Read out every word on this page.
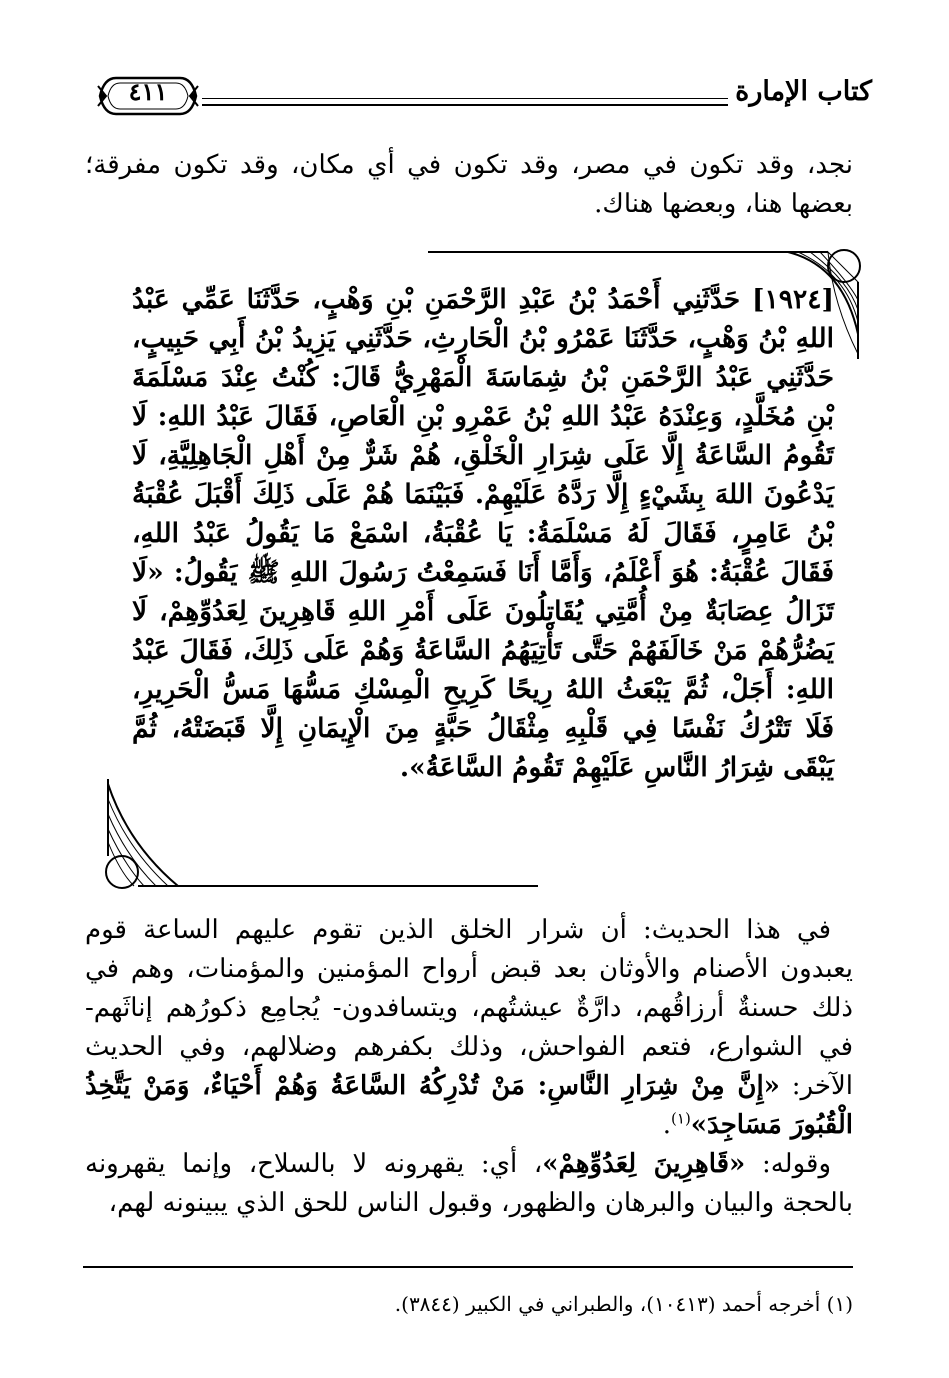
كتاب الإمارة
٤١١

نجد، وقد تكون في مصر، وقد تكون في أي مكان، وقد تكون مفرقة؛ بعضها هنا، وبعضها هناك.

[١٩٢٤] حَدَّثَنِي أَحْمَدُ بْنُ عَبْدِ الرَّحْمَنِ بْنِ وَهْبٍ، حَدَّثَنَا عَمِّي عَبْدُ اللهِ بْنُ وَهْبٍ، حَدَّثَنَا عَمْرُو بْنُ الْحَارِثِ، حَدَّثَنِي يَزِيدُ بْنُ أَبِي حَبِيبٍ، حَدَّثَنِي عَبْدُ الرَّحْمَنِ بْنُ شِمَاسَةَ الْمَهْرِيُّ قَالَ: كُنْتُ عِنْدَ مَسْلَمَةَ بْنِ مُخَلَّدٍ، وَعِنْدَهُ عَبْدُ اللهِ بْنُ عَمْرِو بْنِ الْعَاصِ، فَقَالَ عَبْدُ اللهِ: لَا تَقُومُ السَّاعَةُ إِلَّا عَلَى شِرَارِ الْخَلْقِ، هُمْ شَرٌّ مِنْ أَهْلِ الْجَاهِلِيَّةِ، لَا يَدْعُونَ اللهَ بِشَيْءٍ إِلَّا رَدَّهُ عَلَيْهِمْ. فَبَيْنَمَا هُمْ عَلَى ذَلِكَ أَقْبَلَ عُقْبَةُ بْنُ عَامِرٍ، فَقَالَ لَهُ مَسْلَمَةُ: يَا عُقْبَةُ، اسْمَعْ مَا يَقُولُ عَبْدُ اللهِ، فَقَالَ عُقْبَةُ: هُوَ أَعْلَمُ، وَأَمَّا أَنَا فَسَمِعْتُ رَسُولَ اللهِ ﷺ يَقُولُ: «لَا تَزَالُ عِصَابَةٌ مِنْ أُمَّتِي يُقَاتِلُونَ عَلَى أَمْرِ اللهِ قَاهِرِينَ لِعَدُوِّهِمْ، لَا يَضُرُّهُمْ مَنْ خَالَفَهُمْ حَتَّى تَأْتِيَهُمُ السَّاعَةُ وَهُمْ عَلَى ذَلِكَ، فَقَالَ عَبْدُ اللهِ: أَجَلْ، ثُمَّ يَبْعَثُ اللهُ رِيحًا كَرِيحِ الْمِسْكِ مَسُّهَا مَسُّ الْحَرِيرِ، فَلَا تَتْرُكُ نَفْسًا فِي قَلْبِهِ مِثْقَالُ حَبَّةٍ مِنَ الْإِيمَانِ إِلَّا قَبَضَتْهُ، ثُمَّ يَبْقَى شِرَارُ النَّاسِ عَلَيْهِمْ تَقُومُ السَّاعَةُ».

في هذا الحديث: أن شرار الخلق الذين تقوم عليهم الساعة قوم يعبدون الأصنام والأوثان بعد قبض أرواح المؤمنين والمؤمنات، وهم في ذلك حسنةٌ أرزاقُهم، دارَّةٌ عيشتُهم، ويتسافدون- يُجامِع ذكورُهم إناثَهم- في الشوارع، فتعم الفواحش، وذلك بكفرهم وضلالهم، وفي الحديث الآخر: «إِنَّ مِنْ شِرَارِ النَّاسِ: مَنْ تُدْرِكُهُ السَّاعَةُ وَهُمْ أَحْيَاءٌ، وَمَنْ يَتَّخِذُ الْقُبُورَ مَسَاجِدَ»$^{(١)}$.

وقوله: «قَاهِرِينَ لِعَدُوِّهِمْ»، أي: يقهرونه لا بالسلاح، وإنما يقهرونه بالحجة والبيان والبرهان والظهور، وقبول الناس للحق الذي يبينونه لهم،

(١) أخرجه أحمد (١٠٤١٣)، والطبراني في الكبير (٣٨٤٤).
